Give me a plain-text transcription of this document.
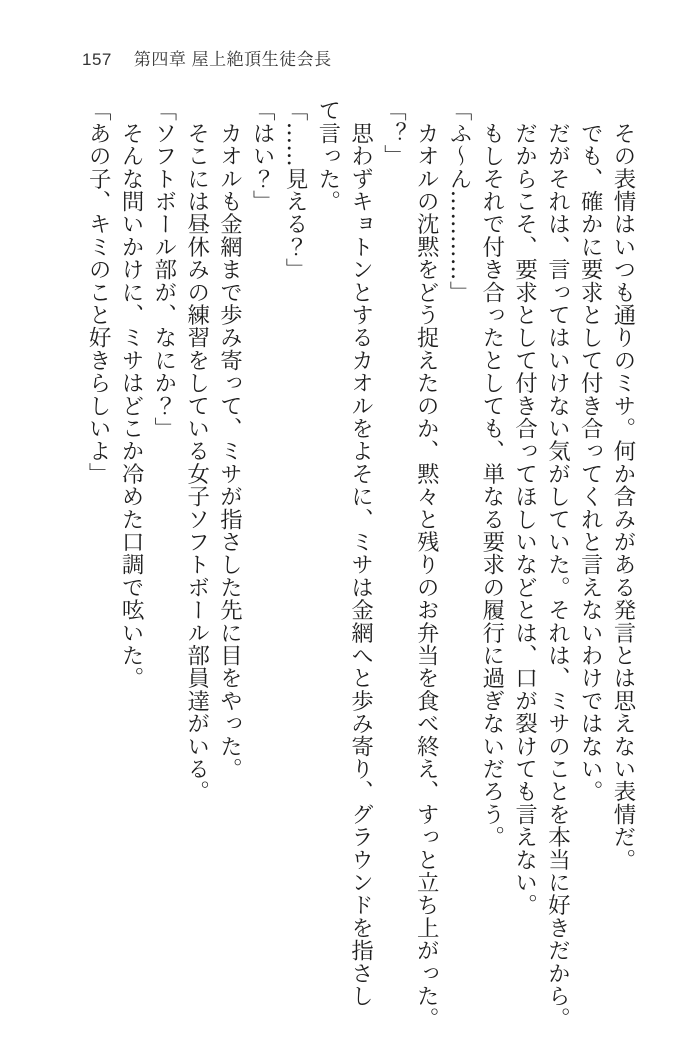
157 第四章 屋上絶頂生徒会長
　その表情はいつも通りのミサ。何か含みがある発言とは思えない表情だ。
　でも、確かに要求として付き合ってくれと言えないわけではない。
　だがそれは、言ってはいけない気がしていた。それは、ミサのことを本当に好きだから。
　だからこそ、要求として付き合ってほしいなどとは、口が裂けても言えない。
　もしそれで付き合ったとしても、単なる要求の履行に過ぎないだろう。
「ふ〜ん…………」
　カオルの沈黙をどう捉えたのか、黙々と残りのお弁当を食べ終え、すっと立ち上がった。
「？」
　思わずキョトンとするカオルをよそに、ミサは金網へと歩み寄り、グラウンドを指さし
て言った。
「……見える？」
「はい？」
　カオルも金網まで歩み寄って、ミサが指さした先に目をやった。
　そこには昼休みの練習をしている女子ソフトボール部員達がいる。
「ソフトボール部が、なにか？」
　そんな問いかけに、ミサはどこか冷めた口調で呟いた。
「あの子、キミのこと好きらしいよ」
